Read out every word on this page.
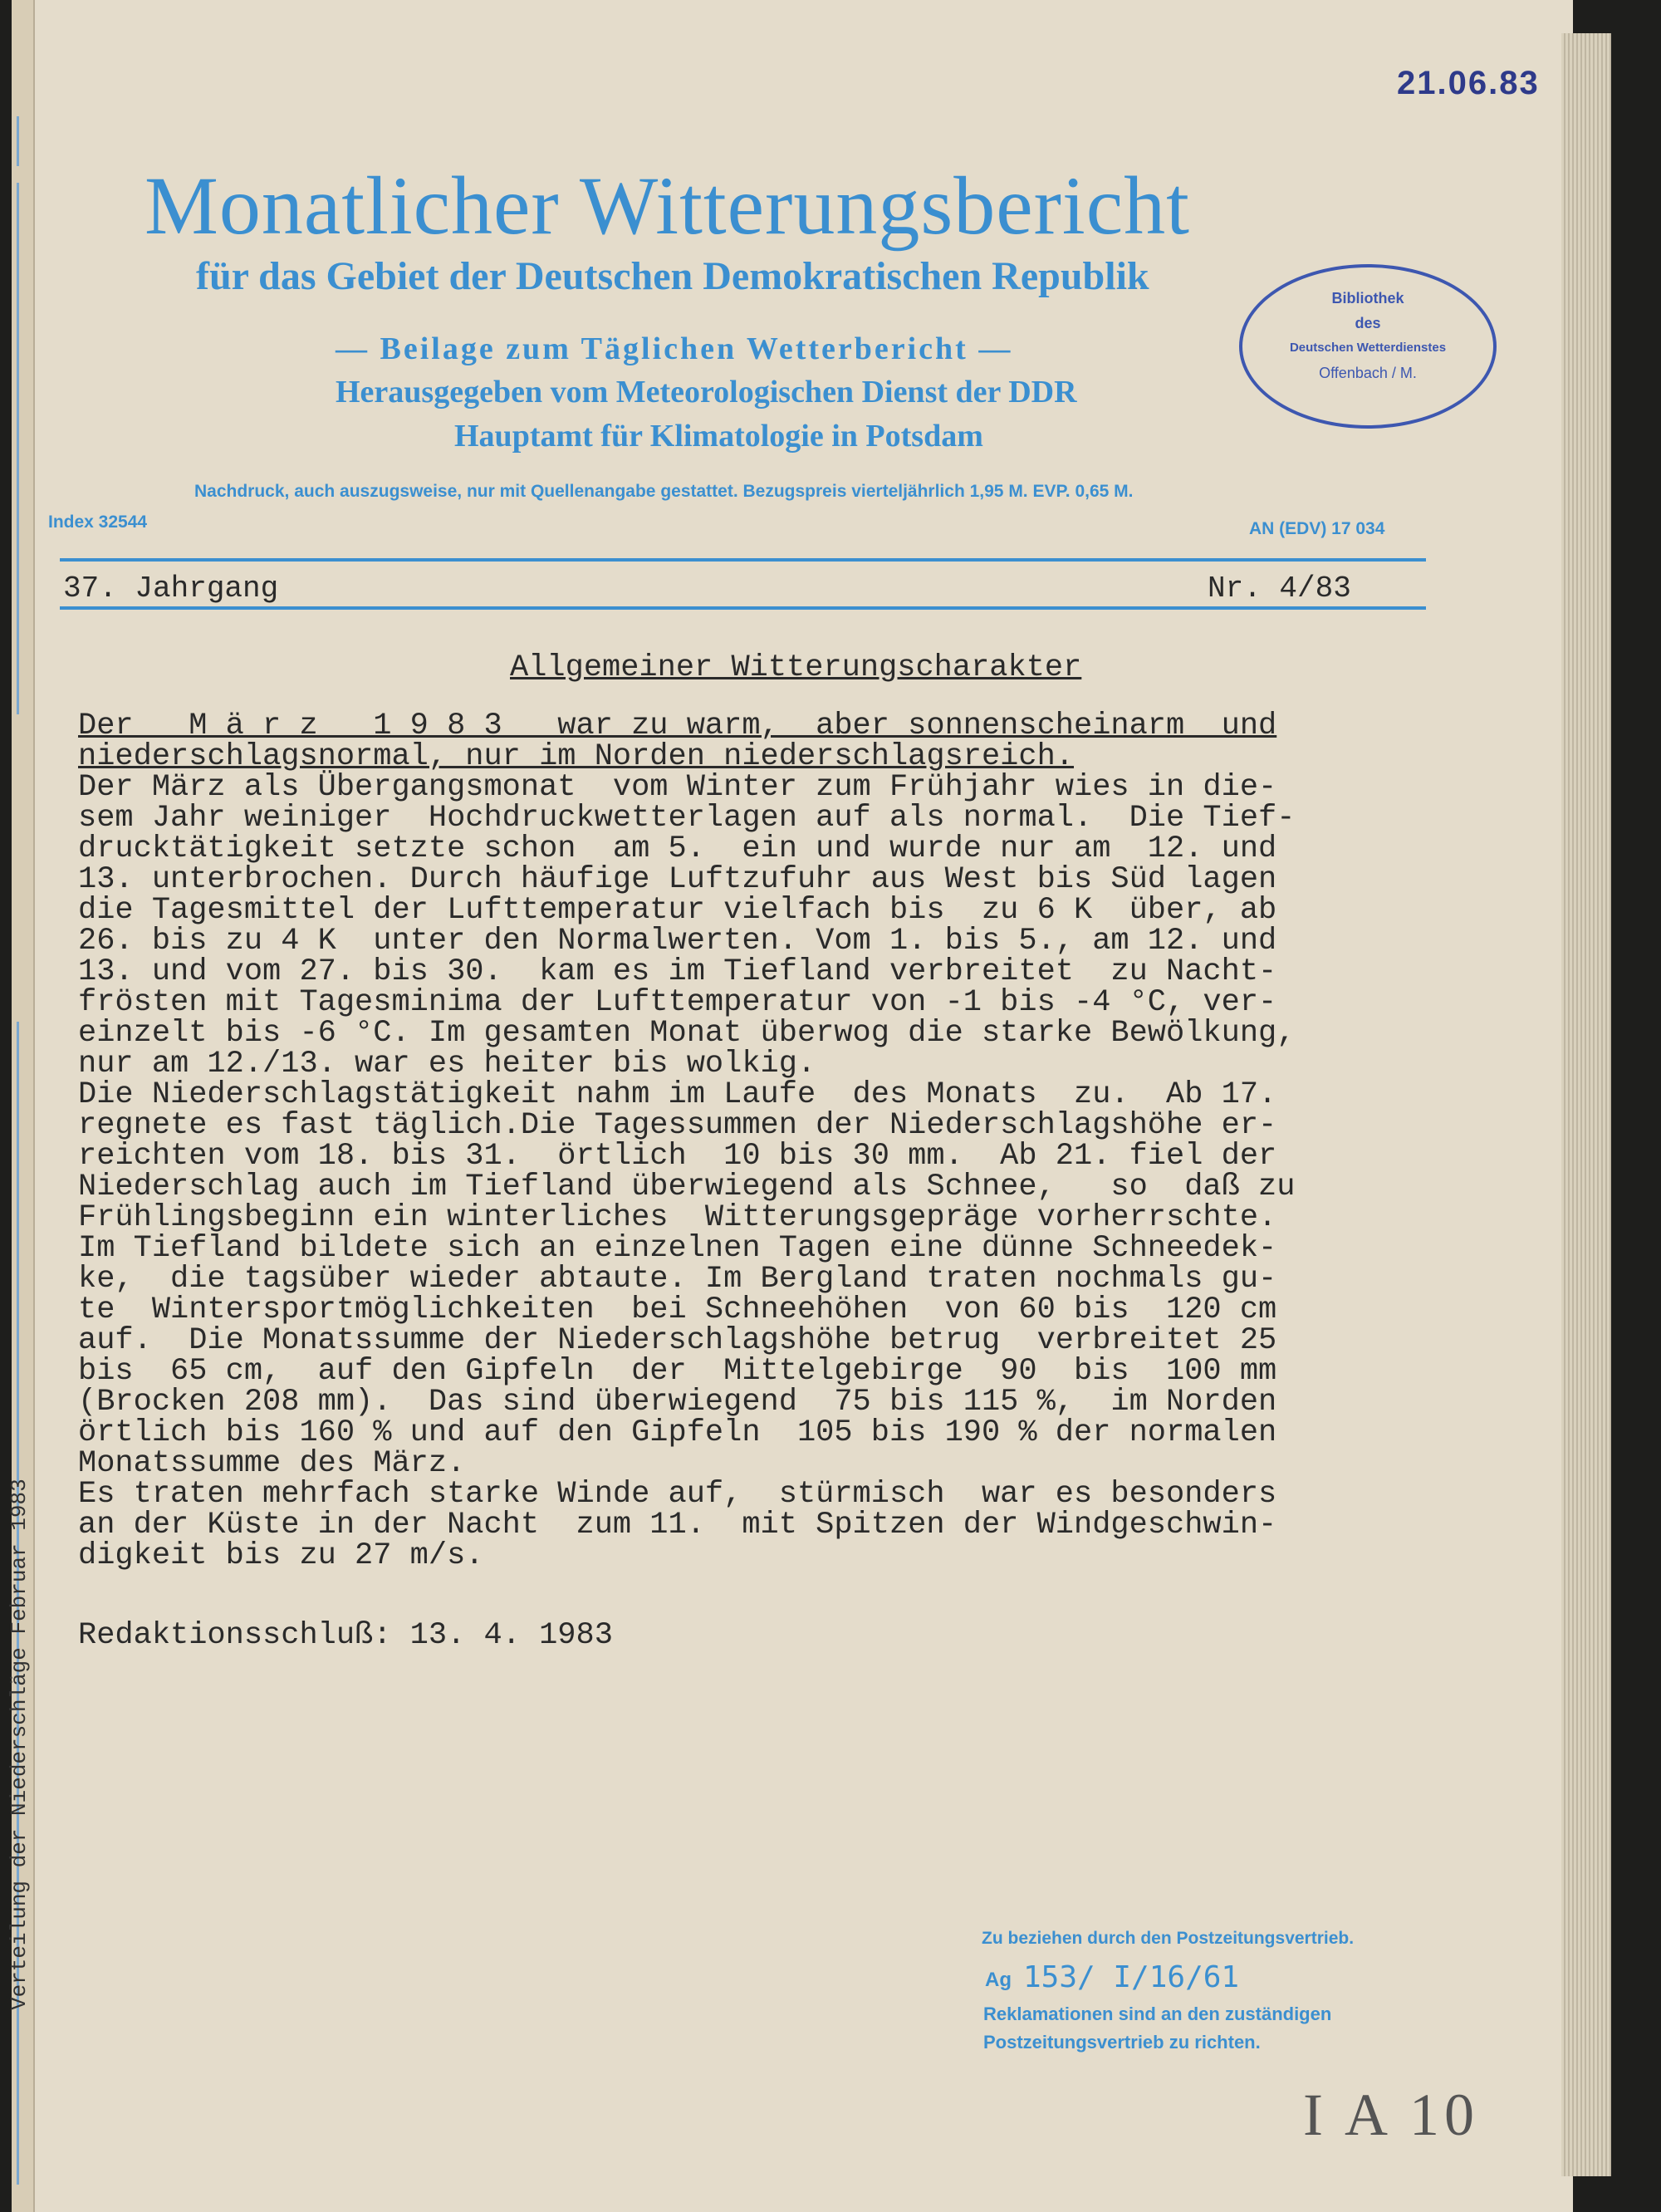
Verteilung der Niederschläge Februar 1983
21.06.83
Monatlicher Witterungsbericht
für das Gebiet der Deutschen Demokratischen Republik
— Beilage zum Täglichen Wetterbericht —
Herausgegeben vom Meteorologischen Dienst der DDR
Hauptamt für Klimatologie in Potsdam
Bibliothek
des
Deutschen Wetterdienstes
Offenbach / M.
Nachdruck, auch auszugsweise, nur mit Quellenangabe gestattet. Bezugspreis vierteljährlich 1,95 M. EVP. 0,65 M.
Index 32544	AN (EDV) 17 034
37. Jahrgang	Nr. 4/83
Allgemeiner Witterungscharakter
Der   M ä r z   1 9 8 3   war zu warm,  aber sonnenscheinarm  und
niederschlagsnormal, nur im Norden niederschlagsreich.
Der März als Übergangsmonat  vom Winter zum Frühjahr wies in die-
sem Jahr weiniger  Hochdruckwetterlagen auf als normal.  Die Tief-
drucktätigkeit setzte schon  am 5.  ein und wurde nur am  12. und
13. unterbrochen. Durch häufige Luftzufuhr aus West bis Süd lagen
die Tagesmittel der Lufttemperatur vielfach bis  zu 6 K  über, ab
26. bis zu 4 K  unter den Normalwerten. Vom 1. bis 5., am 12. und
13. und vom 27. bis 30.  kam es im Tiefland verbreitet  zu Nacht-
frösten mit Tagesminima der Lufttemperatur von -1 bis -4 °C, ver-
einzelt bis -6 °C. Im gesamten Monat überwog die starke Bewölkung,
nur am 12./13. war es heiter bis wolkig.
Die Niederschlagstätigkeit nahm im Laufe  des Monats  zu.  Ab 17.
regnete es fast täglich.Die Tagessummen der Niederschlagshöhe er-
reichten vom 18. bis 31.  örtlich  10 bis 30 mm.  Ab 21. fiel der
Niederschlag auch im Tiefland überwiegend als Schnee,   so  daß zu
Frühlingsbeginn ein winterliches  Witterungsgepräge vorherrschte.
Im Tiefland bildete sich an einzelnen Tagen eine dünne Schneedek-
ke,  die tagsüber wieder abtaute. Im Bergland traten nochmals gu-
te  Wintersportmöglichkeiten  bei Schneehöhen  von 60 bis  120 cm
auf.  Die Monatssumme der Niederschlagshöhe betrug  verbreitet 25
bis  65 cm,  auf den Gipfeln  der  Mittelgebirge  90  bis  100 mm
(Brocken 208 mm).  Das sind überwiegend  75 bis 115 %,  im Norden
örtlich bis 160 % und auf den Gipfeln  105 bis 190 % der normalen
Monatssumme des März.
Es traten mehrfach starke Winde auf,  stürmisch  war es besonders
an der Küste in der Nacht  zum 11.  mit Spitzen der Windgeschwin-
digkeit bis zu 27 m/s.
Redaktionsschluß: 13. 4. 1983
Zu beziehen durch den Postzeitungsvertrieb.
Ag 153/ I/16/61
Reklamationen sind an den zuständigen
Postzeitungsvertrieb zu richten.
I A 10
